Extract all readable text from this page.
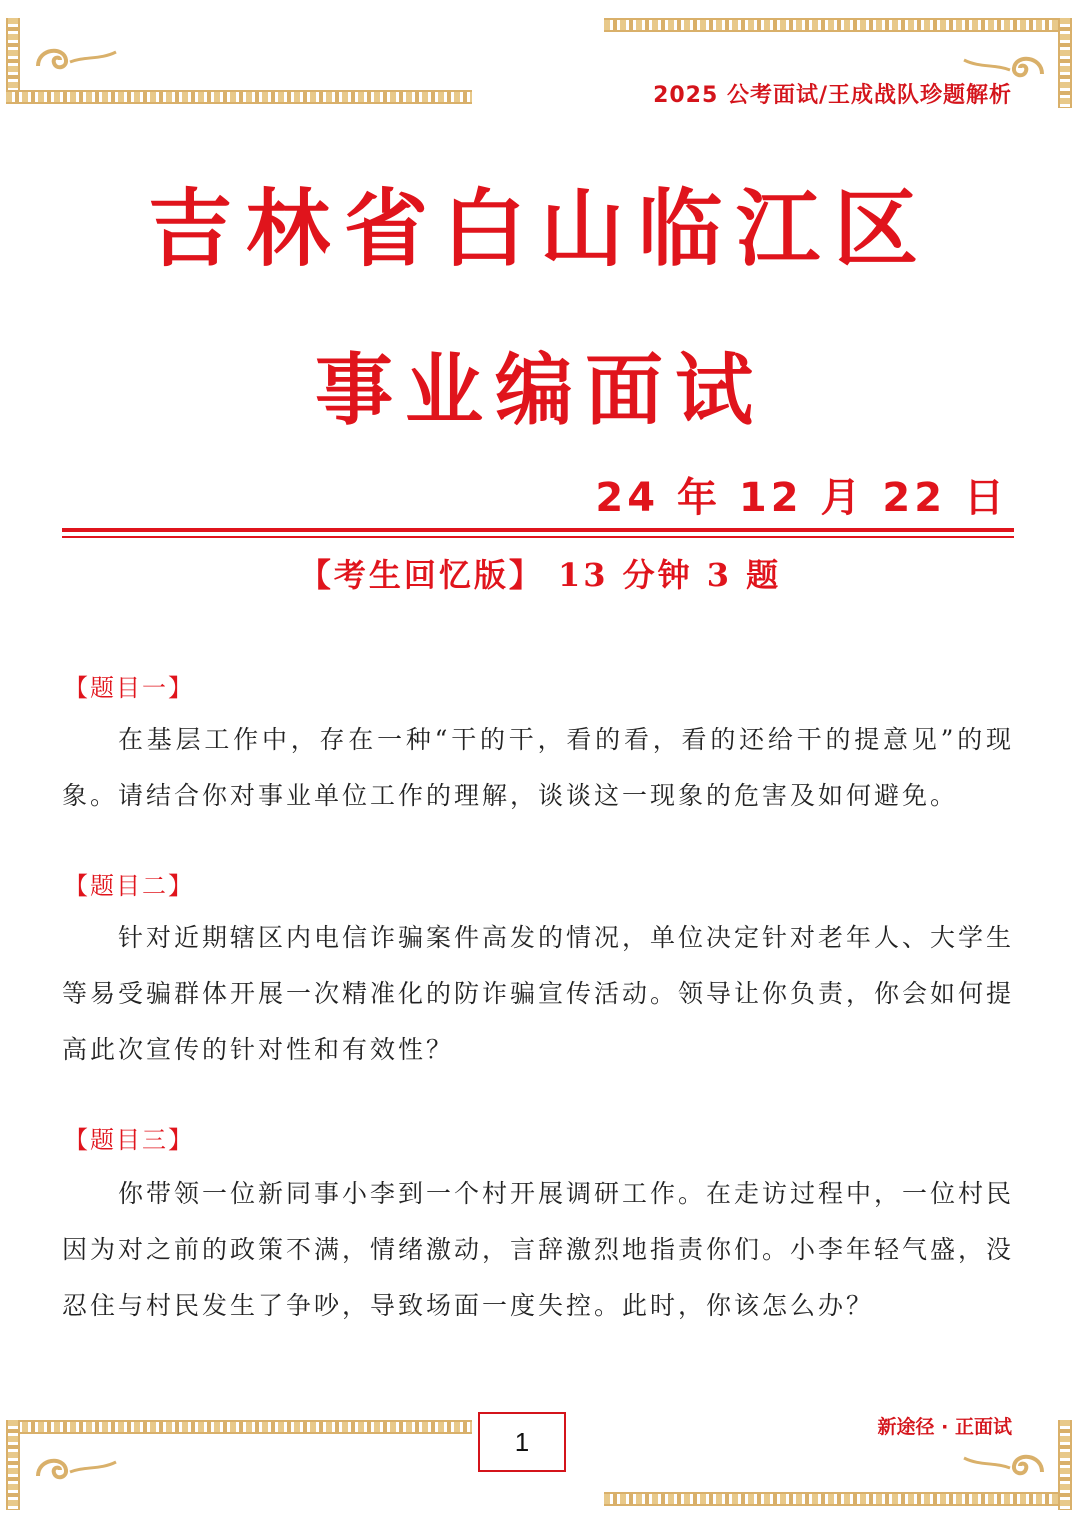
2025 公考面试/王成战队珍题解析
吉林省白山临江区
事业编面试
24 年 12 月 22 日
【考生回忆版】 13 分钟 3 题
【题目一】
在基层工作中，存在一种“干的干，看的看，看的还给干的提意见”的现象。请结合你对事业单位工作的理解，谈谈这一现象的危害及如何避免。
【题目二】
针对近期辖区内电信诈骗案件高发的情况，单位决定针对老年人、大学生等易受骗群体开展一次精准化的防诈骗宣传活动。领导让你负责，你会如何提高此次宣传的针对性和有效性？
【题目三】
你带领一位新同事小李到一个村开展调研工作。在走访过程中，一位村民因为对之前的政策不满，情绪激动，言辞激烈地指责你们。小李年轻气盛，没忍住与村民发生了争吵，导致场面一度失控。此时，你该怎么办？
1	新途径 · 正面试
